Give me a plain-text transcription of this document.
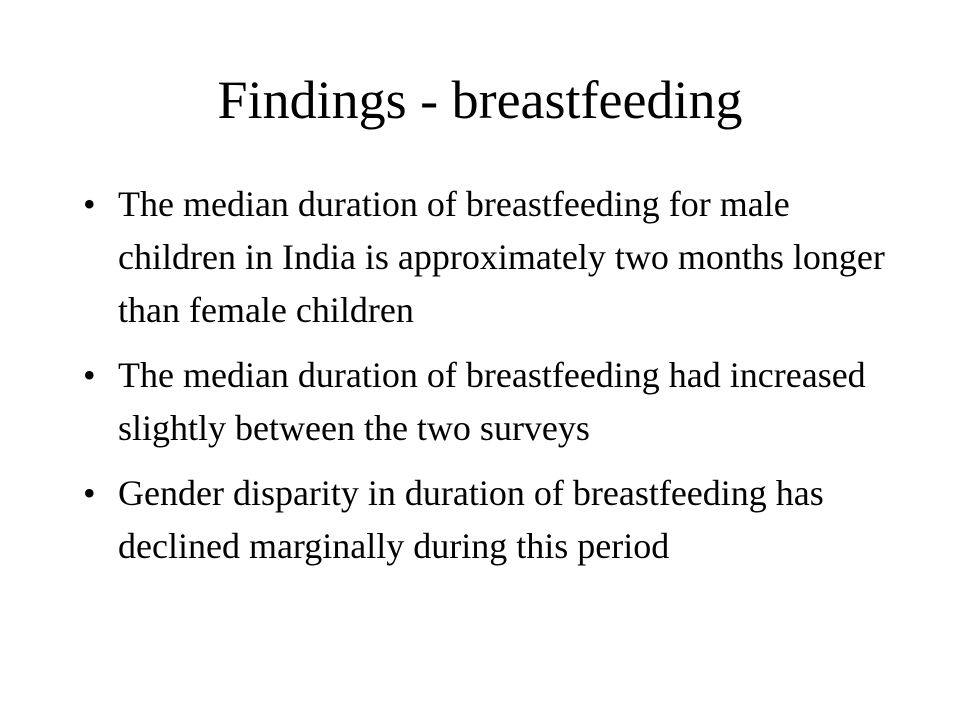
Findings - breastfeeding
• The median duration of breastfeeding for male children in India is approximately two months longer than female children
• The median duration of breastfeeding had increased slightly between the two surveys
• Gender disparity in duration of breastfeeding has declined marginally during this period
